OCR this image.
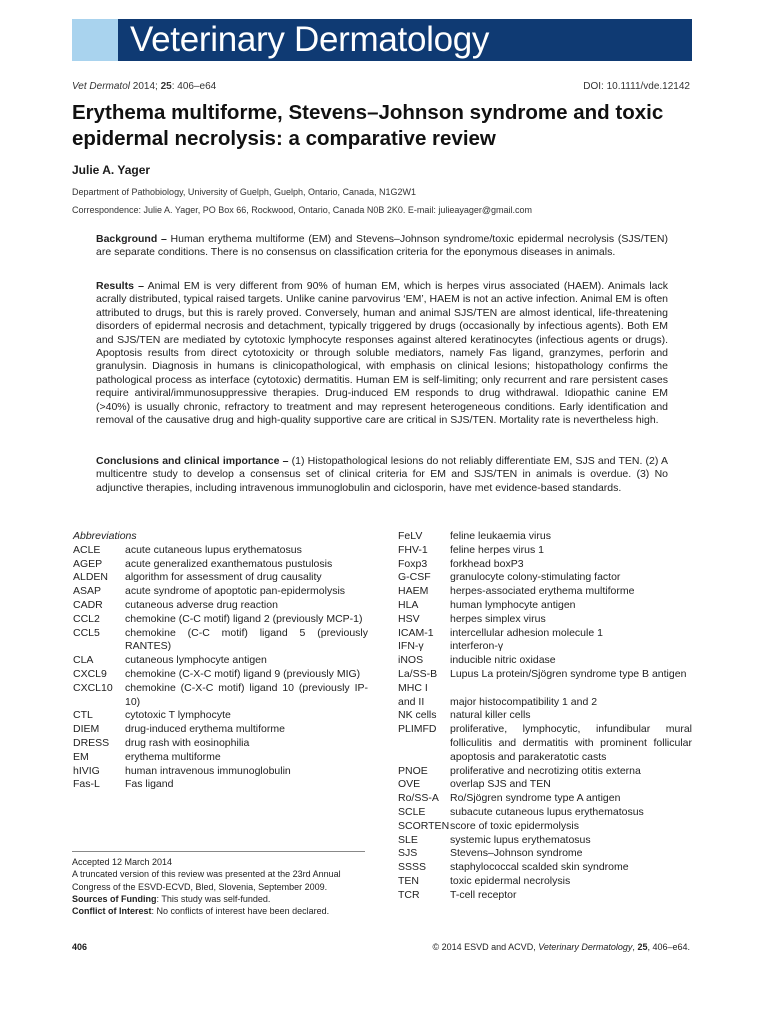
Veterinary Dermatology
Vet Dermatol 2014; 25: 406–e64	DOI: 10.1111/vde.12142
Erythema multiforme, Stevens–Johnson syndrome and toxic epidermal necrolysis: a comparative review
Julie A. Yager
Department of Pathobiology, University of Guelph, Guelph, Ontario, Canada, N1G2W1
Correspondence: Julie A. Yager, PO Box 66, Rockwood, Ontario, Canada N0B 2K0. E-mail: julieayager@gmail.com
Background – Human erythema multiforme (EM) and Stevens–Johnson syndrome/toxic epidermal necrolysis (SJS/TEN) are separate conditions. There is no consensus on classification criteria for the eponymous diseases in animals.
Results – Animal EM is very different from 90% of human EM, which is herpes virus associated (HAEM). Animals lack acrally distributed, typical raised targets. Unlike canine parvovirus ‘EM’, HAEM is not an active infection. Animal EM is often attributed to drugs, but this is rarely proved. Conversely, human and animal SJS/TEN are almost identical, life-threatening disorders of epidermal necrosis and detachment, typically triggered by drugs (occasionally by infectious agents). Both EM and SJS/TEN are mediated by cytotoxic lymphocyte responses against altered keratinocytes (infectious agents or drugs). Apoptosis results from direct cytotoxicity or through soluble mediators, namely Fas ligand, granzymes, perforin and granulysin. Diagnosis in humans is clinicopathological, with emphasis on clinical lesions; histopathology confirms the pathological process as interface (cytotoxic) dermatitis. Human EM is self-limiting; only recurrent and rare persistent cases require antiviral/immunosuppressive therapies. Drug-induced EM responds to drug withdrawal. Idiopathic canine EM (>40%) is usually chronic, refractory to treatment and may represent heterogeneous conditions. Early identification and removal of the causative drug and high-quality supportive care are critical in SJS/TEN. Mortality rate is nevertheless high.
Conclusions and clinical importance – (1) Histopathological lesions do not reliably differentiate EM, SJS and TEN. (2) A multicentre study to develop a consensus set of clinical criteria for EM and SJS/TEN in animals is overdue. (3) No adjunctive therapies, including intravenous immunoglobulin and ciclosporin, have met evidence-based standards.
Abbreviations
ACLE	acute cutaneous lupus erythematosus
AGEP	acute generalized exanthematous pustulosis
ALDEN	algorithm for assessment of drug causality
ASAP	acute syndrome of apoptotic pan-epidermolysis
CADR	cutaneous adverse drug reaction
CCL2	chemokine (C-C motif) ligand 2 (previously MCP-1)
CCL5	chemokine (C-C motif) ligand 5 (previously RANTES)
CLA	cutaneous lymphocyte antigen
CXCL9	chemokine (C-X-C motif) ligand 9 (previously MIG)
CXCL10	chemokine (C-X-C motif) ligand 10 (previously IP-10)
CTL	cytotoxic T lymphocyte
DIEM	drug-induced erythema multiforme
DRESS	drug rash with eosinophilia
EM	erythema multiforme
hIVIG	human intravenous immunoglobulin
Fas-L	Fas ligand
FeLV	feline leukaemia virus
FHV-1	feline herpes virus 1
Foxp3	forkhead boxP3
G-CSF	granulocyte colony-stimulating factor
HAEM	herpes-associated erythema multiforme
HLA	human lymphocyte antigen
HSV	herpes simplex virus
ICAM-1	intercellular adhesion molecule 1
IFN-γ	interferon-γ
iNOS	inducible nitric oxidase
La/SS-B	Lupus La protein/Sjögren syndrome type B antigen
MHC I
and II	major histocompatibility 1 and 2
NK cells	natural killer cells
PLIMFD	proliferative, lymphocytic, infundibular mural folliculitis and dermatitis with prominent follicular apoptosis and parakeratotic casts
PNOE	proliferative and necrotizing otitis externa
OVE	overlap SJS and TEN
Ro/SS-A	Ro/Sjögren syndrome type A antigen
SCLE	subacute cutaneous lupus erythematosus
SCORTEN score of toxic epidermolysis
SLE	systemic lupus erythematosus
SJS	Stevens–Johnson syndrome
SSSS	staphylococcal scalded skin syndrome
TEN	toxic epidermal necrolysis
TCR	T-cell receptor
Accepted 12 March 2014
A truncated version of this review was presented at the 23rd Annual Congress of the ESVD-ECVD, Bled, Slovenia, September 2009.
Sources of Funding: This study was self-funded.
Conflict of Interest: No conflicts of interest have been declared.
406	© 2014 ESVD and ACVD, Veterinary Dermatology, 25, 406–e64.
